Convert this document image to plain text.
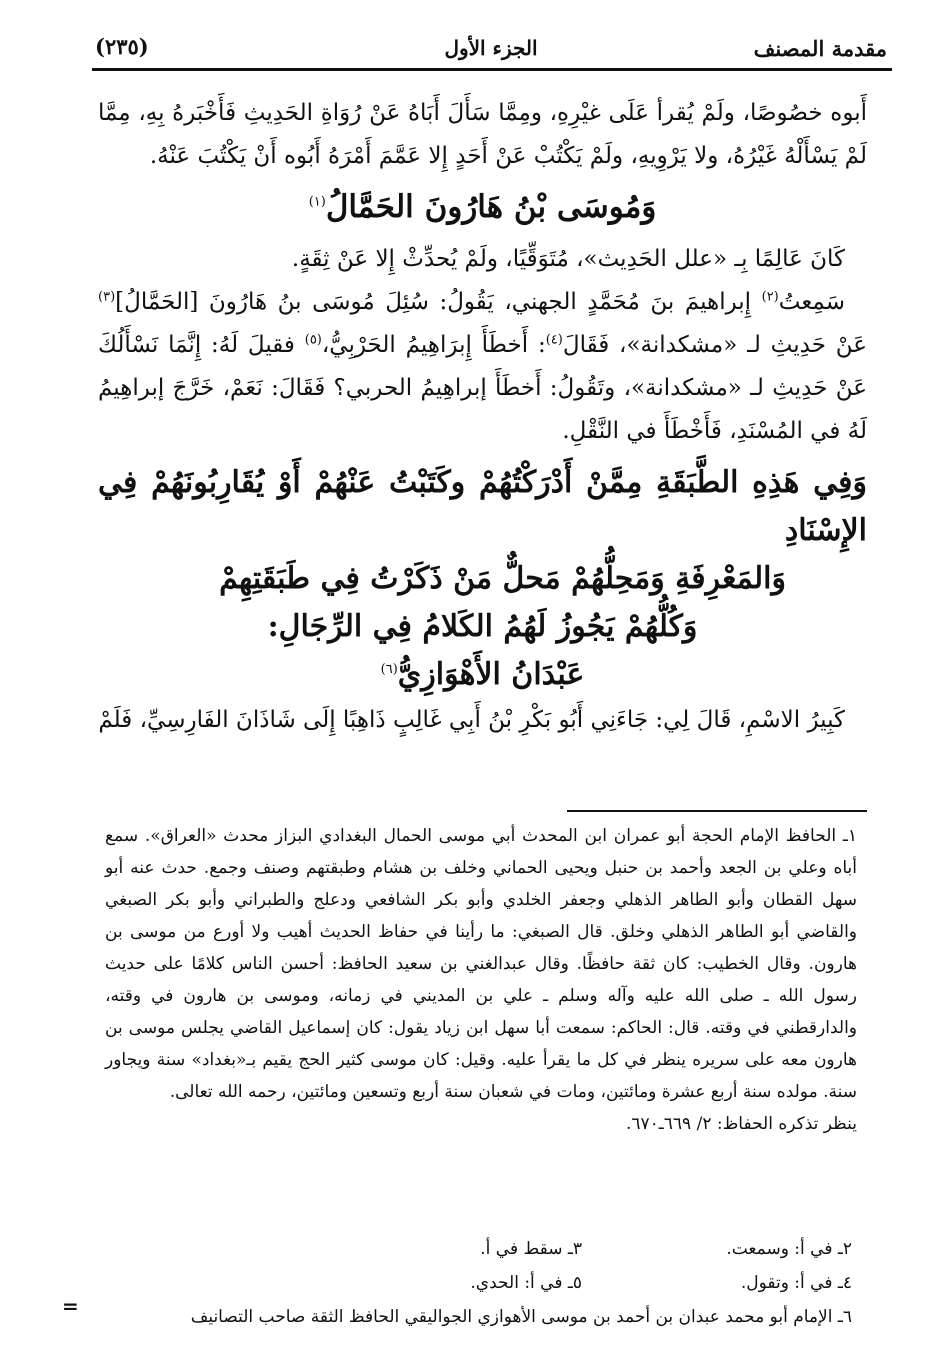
مقدمة المصنف
الجزء الأول
(٢٣٥)

أَبوه خصُوصًا، ولَمْ يُقرأ عَلَى غيْرِهِ، ومِمَّا سَأَلَ أَبَاهُ عَنْ رُوَاةِ الحَدِيثِ فَأَخْبَرهُ بِهِ، مِمَّا لَمْ يَسْأَلْهُ غَيْرُهُ، ولا يَرْوِيهِ، ولَمْ يَكْتُبْ عَنْ أَحَدٍ إِلا عَمَّمَ أَمْرَهُ أَبُوه أَنْ يَكْتُبَ عَنْهُ.

وَمُوسَى بْنُ هَارُونَ الحَمَّالُ$^{(١)}$

كَانَ عَالِمًا بِـ «علل الحَدِيث»، مُتَوَقِّيًا، ولَمْ يُحدِّثْ إِلا عَنْ ثِقَةٍ.

سَمِعتُ$^{(٢)}$ إِبراهيمَ بنَ مُحَمَّدٍ الجهني، يَقُولُ: سُئِلَ مُوسَى بنُ هَارُونَ [الحَمَّالُ]$^{(٣)}$ عَنْ حَدِيثِ لـ «مشكدانة»، فَقَالَ$^{(٤)}$: أَخطَأَ إِبرَاهِيمُ الحَرْبِيُّ،$^{(٥)}$ فقيلَ لَهُ: إِنَّمَا نَسْأَلُكَ عَنْ حَدِيثِ لـ «مشكدانة»، وتَقُولُ: أَخطَأَ إبراهِيمُ الحربي؟ فَقَالَ: نَعَمْ، خَرَّجَ إبراهِيمُ لَهُ في المُسْنَدِ، فَأَخْطَأَ في النَّقْلِ.

وَفِي هَذِهِ الطَّبَقَةِ مِمَّنْ أَدْرَكْتُهُمْ وكَتَبْتُ عَنْهُمْ أَوْ يُقَارِبُونَهُمْ فِي الإِسْنَادِ

وَالمَعْرِفَةِ وَمَحِلُّهُمْ مَحلٌّ مَنْ ذَكَرْتُ فِي طَبَقَتِهِمْ

وَكُلُّهُمْ يَجُوزُ لَهُمُ الكَلامُ فِي الرِّجَالِ:

عَبْدَانُ الأَهْوَازِيُّ$^{(٦)}$

كَبِيرُ الاسْمِ، قَالَ لِي: جَاءَنِي أَبُو بَكْرِ بْنُ أَبِي غَالِبٍ ذَاهِبًا إِلَى شَاذَانَ الفَارِسِيِّ، فَلَمْ

١ـ الحافظ الإمام الحجة أبو عمران ابن المحدث أبي موسى الحمال البغدادي البزاز محدث «العراق». سمع أباه وعلي بن الجعد وأحمد بن حنبل ويحيى الحماني وخلف بن هشام وطبقتهم وصنف وجمع. حدث عنه أبو سهل القطان وأبو الطاهر الذهلي وجعفر الخلدي وأبو بكر الشافعي ودعلج والطبراني وأبو بكر الصبغي والقاضي أبو الطاهر الذهلي وخلق. قال الصبغي: ما رأينا في حفاظ الحديث أهيب ولا أورع من موسى بن هارون. وقال الخطيب: كان ثقة حافظًا. وقال عبدالغني بن سعيد الحافظ: أحسن الناس كلامًا على حديث رسول الله ـ صلى الله عليه وآله وسلم ـ علي بن المديني في زمانه، وموسى بن هارون في وقته، والدارقطني في وقته. قال: الحاكم: سمعت أبا سهل ابن زياد يقول: كان إسماعيل القاضي يجلس موسى بن هارون معه على سريره ينظر في كل ما يقرأ عليه. وقيل: كان موسى كثير الحج يقيم بـ«بغداد» سنة ويجاور سنة. مولده سنة أربع عشرة ومائتين، ومات في شعبان سنة أربع وتسعين ومائتين، رحمه الله تعالى.

ينظر تذكره الحفاظ: ٢/ ٦٦٩ـ٦٧٠.

٢ـ في أ: وسمعت.
٣ـ سقط في أ.
٤ـ في أ: وتقول.
٥ـ في أ: الحدي.
٦ـ الإمام أبو محمد عبدان بن أحمد بن موسى الأهوازي الجواليقي الحافظ الثقة صاحب التصانيف
=
